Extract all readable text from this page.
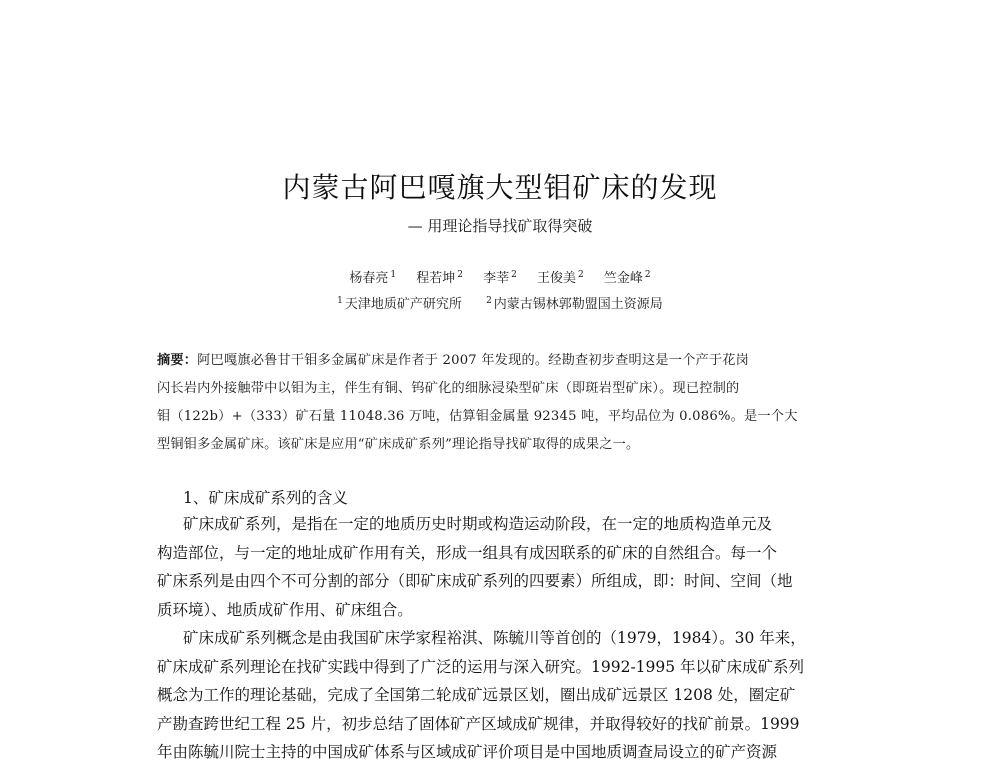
内蒙古阿巴嘎旗大型钼矿床的发现
— 用理论指导找矿取得突破
杨春亮 $^1$ 程若坤 $^2$ 李莘 $^2$ 王俊美 $^2$ 竺金峰 $^2$
$^1$ 天津地质矿产研究所	$^2$ 内蒙古锡林郭勒盟国土资源局

摘要：阿巴嘎旗必鲁甘干钼多金属矿床是作者于 2007 年发现的。经勘查初步查明这是一个产于花岗

闪长岩内外接触带中以钼为主，伴生有铜、钨矿化的细脉浸染型矿床（即斑岩型矿床）。现已控制的

钼（122b）+（333）矿石量 11048.36 万吨，估算钼金属量 92345 吨，平均品位为 0.086%。是一个大

型铜钼多金属矿床。该矿床是应用“矿床成矿系列”理论指导找矿取得的成果之一。

1、矿床成矿系列的含义

矿床成矿系列，是指在一定的地质历史时期或构造运动阶段，在一定的地质构造单元及

构造部位，与一定的地址成矿作用有关，形成一组具有成因联系的矿床的自然组合。每一个

矿床系列是由四个不可分割的部分（即矿床成矿系列的四要素）所组成，即：时间、空间（地

质环境）、地质成矿作用、矿床组合。

矿床成矿系列概念是由我国矿床学家程裕淇、陈毓川等首创的（1979，1984）。30 年来，

矿床成矿系列理论在找矿实践中得到了广泛的运用与深入研究。1992-1995 年以矿床成矿系列

概念为工作的理论基础，完成了全国第二轮成矿远景区划，圈出成矿远景区 1208 处，圈定矿

产勘查跨世纪工程 25 片，初步总结了固体矿产区域成矿规律，并取得较好的找矿前景。1999

年由陈毓川院士主持的中国成矿体系与区域成矿评价项目是中国地质调查局设立的矿产资源
